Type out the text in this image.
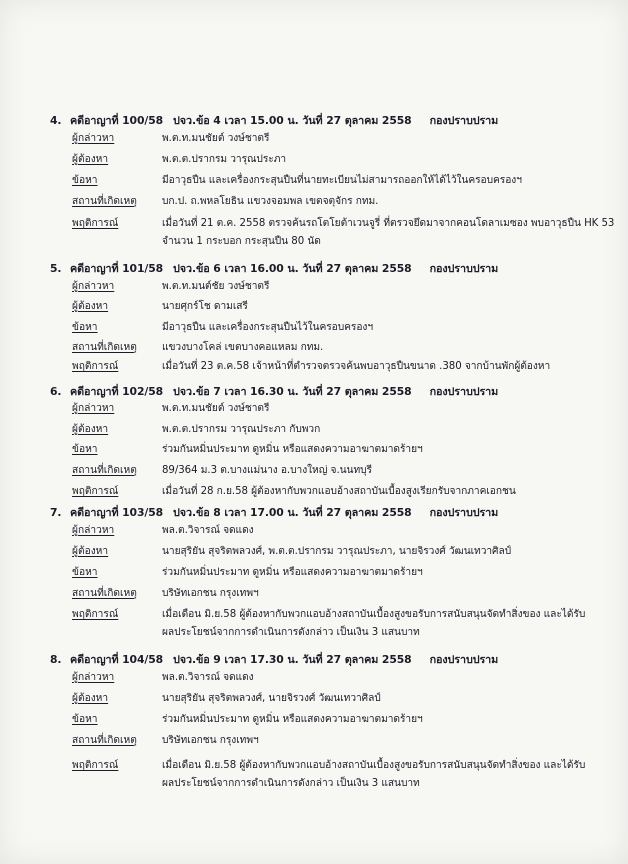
4. คดีอาญาที่ 100/58 ปจว.ข้อ 4 เวลา 15.00 น. วันที่ 27 ตุลาคม 2558 กองปราบปราม
ผู้กล่าวหา	พ.ต.ท.มนชัยต์ วงษ์ชาตรี
ผู้ต้องหา	พ.ต.ต.ปรากรม วารุณประภา
ข้อหา	มีอาวุธปืน และเครื่องกระสุนปืนที่นายทะเบียนไม่สามารถออกให้ได้ไว้ในครอบครองฯ
สถานที่เกิดเหตุ บก.ป. ถ.พหลโยธิน แขวงจอมพล เขตจตุจักร กทม.
พฤติการณ์	เมื่อวันที่ 21 ต.ค. 2558 ตรวจค้นรถโตโยต้าเวนจูรี่ ที่ตรวจยึดมาจากคอนโดลาเมซอง พบอาวุธปืน HK 53
จำนวน 1 กระบอก กระสุนปืน 80 นัด
5. คดีอาญาที่ 101/58 ปจว.ข้อ 6 เวลา 16.00 น. วันที่ 27 ตุลาคม 2558 กองปราบปราม
ผู้กล่าวหา	พ.ต.ท.มนต์ชัย วงษ์ชาตรี
ผู้ต้องหา	นายศุกร์โช ดามเสรี
ข้อหา	มีอาวุธปืน และเครื่องกระสุนปืนไว้ในครอบครองฯ
สถานที่เกิดเหตุ แขวงบางโคล่ เขตบางคอแหลม กทม.
พฤติการณ์	เมื่อวันที่ 23 ต.ค.58 เจ้าหน้าที่ตำรวจตรวจค้นพบอาวุธปืนขนาด .380 จากบ้านพักผู้ต้องหา
6. คดีอาญาที่ 102/58 ปจว.ข้อ 7 เวลา 16.30 น. วันที่ 27 ตุลาคม 2558 กองปราบปราม
ผู้กล่าวหา	พ.ต.ท.มนชัยต์ วงษ์ชาตรี
ผู้ต้องหา	พ.ต.ต.ปรากรม วารุณประภา กับพวก
ข้อหา	ร่วมกันหมิ่นประมาท ดูหมิ่น หรือแสดงความอาฆาตมาดร้ายฯ
สถานที่เกิดเหตุ 89/364 ม.3 ต.บางแม่นาง อ.บางใหญ่ จ.นนทบุรี
พฤติการณ์	เมื่อวันที่ 28 ก.ย.58 ผู้ต้องหากับพวกแอบอ้างสถาบันเบื้องสูงเรียกรับจากภาคเอกชน
7. คดีอาญาที่ 103/58 ปจว.ข้อ 8 เวลา 17.00 น. วันที่ 27 ตุลาคม 2558 กองปราบปราม
ผู้กล่าวหา	พล.ต.วิจารณ์ จดแดง
ผู้ต้องหา	นายสุริยัน สุจริตพลวงศ์, พ.ต.ต.ปรากรม วารุณประภา, นายจิรวงศ์ วัฒนเทวาศิลป์
ข้อหา	ร่วมกันหมิ่นประมาท ดูหมิ่น หรือแสดงความอาฆาตมาดร้ายฯ
สถานที่เกิดเหตุ บริษัทเอกชน กรุงเทพฯ
พฤติการณ์	เมื่อเดือน มิ.ย.58 ผู้ต้องหากับพวกแอบอ้างสถาบันเบื้องสูงขอรับการสนับสนุนจัดทำสิ่งของ และได้รับ
ผลประโยชน์จากการดำเนินการดังกล่าว เป็นเงิน 3 แสนบาท
8. คดีอาญาที่ 104/58 ปจว.ข้อ 9 เวลา 17.30 น. วันที่ 27 ตุลาคม 2558 กองปราบปราม
ผู้กล่าวหา	พล.ต.วิจารณ์ จดแดง
ผู้ต้องหา	นายสุริยัน สุจริตพลวงศ์, นายจิรวงศ์ วัฒนเทวาศิลป์
ข้อหา	ร่วมกันหมิ่นประมาท ดูหมิ่น หรือแสดงความอาฆาตมาดร้ายฯ
สถานที่เกิดเหตุ บริษัทเอกชน กรุงเทพฯ
พฤติการณ์	เมื่อเดือน มิ.ย.58 ผู้ต้องหากับพวกแอบอ้างสถาบันเบื้องสูงขอรับการสนับสนุนจัดทำสิ่งของ และได้รับ
ผลประโยชน์จากการดำเนินการดังกล่าว เป็นเงิน 3 แสนบาท
